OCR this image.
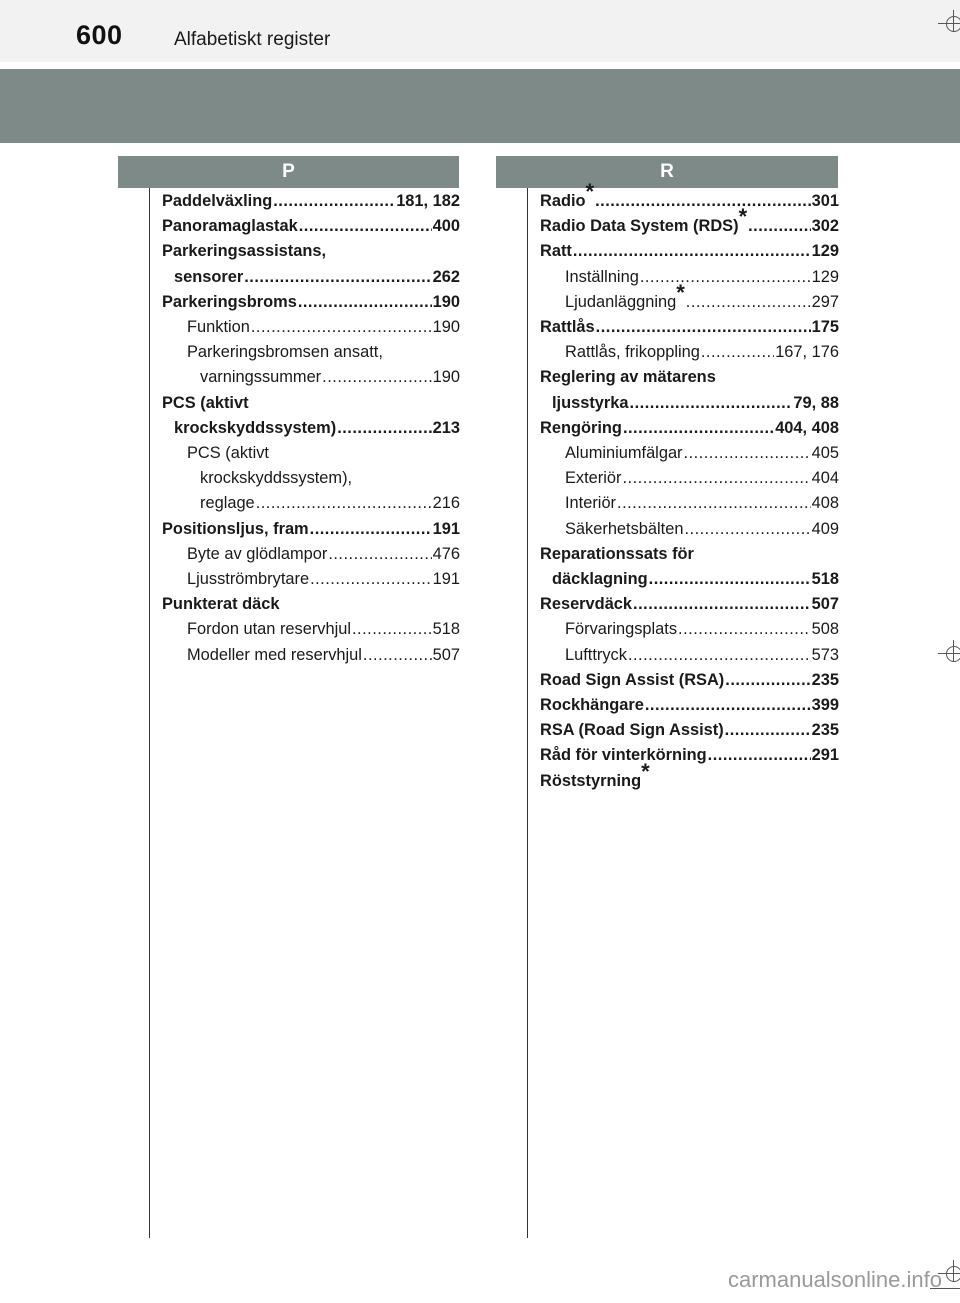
600	Alfabetiskt register
P	R
Paddelväxling .....	181, 182
Panoramaglastak .....	400
Parkeringsassistans,
sensorer .....	262
Parkeringsbroms .....	190
Funktion .....	190
Parkeringsbromsen ansatt,
varningssummer .....	190
PCS (aktivt
krockskyddssystem) .....	213
PCS (aktivt
krockskyddssystem),
reglage .....	216
Positionsljus, fram .....	191
Byte av glödlampor .....	476
Ljusströmbrytare .....	191
Punkterat däck
Fordon utan reservhjul .....	518
Modeller med reservhjul .....	507
Radio* .....	301
Radio Data System (RDS)* .....	302
Ratt .....	129
Inställning .....	129
Ljudanläggning* .....	297
Rattlås .....	175
Rattlås, frikoppling .....	167, 176
Reglering av mätarens
ljusstyrka .....	79, 88
Rengöring .....	404, 408
Aluminiumfälgar .....	405
Exteriör .....	404
Interiör .....	408
Säkerhetsbälten .....	409
Reparationssats för
däcklagning .....	518
Reservdäck .....	507
Förvaringsplats .....	508
Lufttryck .....	573
Road Sign Assist (RSA) .....	235
Rockhängare .....	399
RSA (Road Sign Assist) .....	235
Råd för vinterkörning .....	291
Röststyrning*
carmanualsonline.info
